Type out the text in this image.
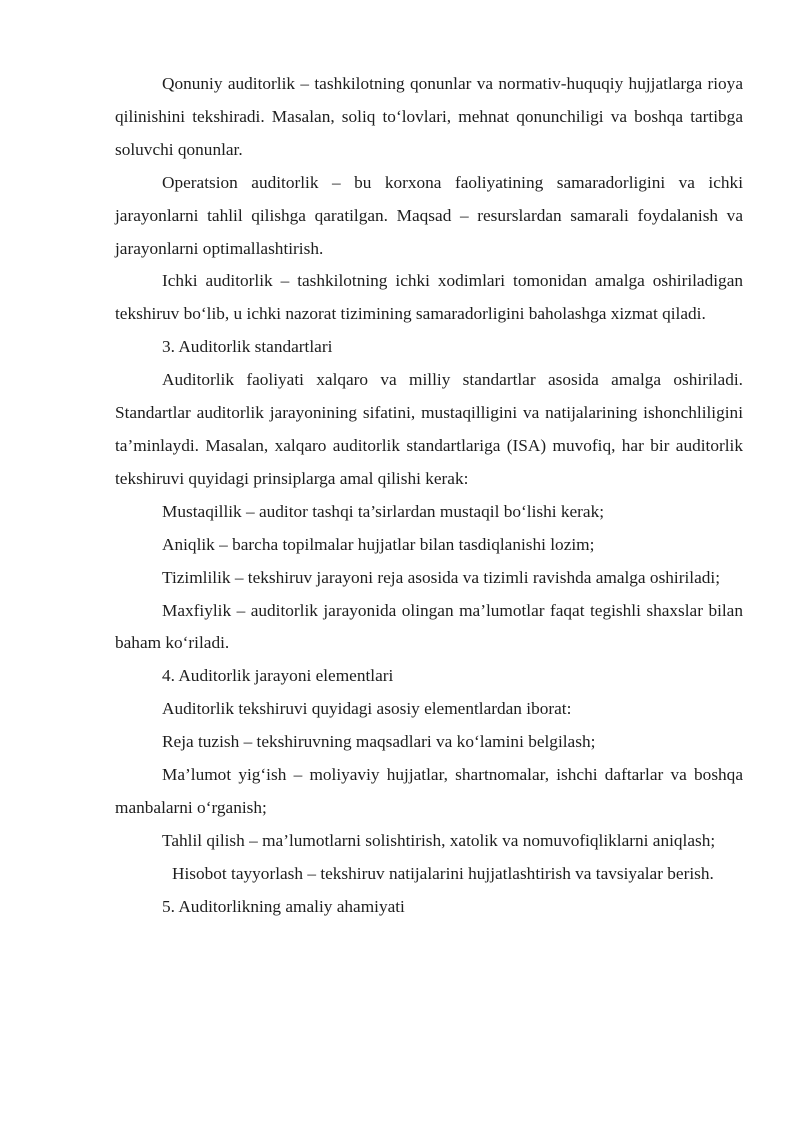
Qonuniy auditorlik – tashkilotning qonunlar va normativ-huquqiy hujjatlarga rioya qilinishini tekshiradi. Masalan, soliq to‘lovlari, mehnat qonunchiligi va boshqa tartibga soluvchi qonunlar.

Operatsion auditorlik – bu korxona faoliyatining samaradorligini va ichki jarayonlarni tahlil qilishga qaratilgan. Maqsad – resurslardan samarali foydalanish va jarayonlarni optimallashtirish.

Ichki auditorlik – tashkilotning ichki xodimlari tomonidan amalga oshiriladigan tekshiruv bo‘lib, u ichki nazorat tizimining samaradorligini baholashga xizmat qiladi.

3. Auditorlik standartlari

Auditorlik faoliyati xalqaro va milliy standartlar asosida amalga oshiriladi. Standartlar auditorlik jarayonining sifatini, mustaqilligini va natijalarining ishonchliligini ta’minlaydi. Masalan, xalqaro auditorlik standartlariga (ISA) muvofiq, har bir auditorlik tekshiruvi quyidagi prinsiplarga amal qilishi kerak:

Mustaqillik – auditor tashqi ta’sirlardan mustaqil bo‘lishi kerak;

Aniqlik – barcha topilmalar hujjatlar bilan tasdiqlanishi lozim;

Tizimlilik – tekshiruv jarayoni reja asosida va tizimli ravishda amalga oshiriladi;

Maxfiylik – auditorlik jarayonida olingan ma’lumotlar faqat tegishli shaxslar bilan baham ko‘riladi.

4. Auditorlik jarayoni elementlari

Auditorlik tekshiruvi quyidagi asosiy elementlardan iborat:

Reja tuzish – tekshiruvning maqsadlari va ko‘lamini belgilash;

Ma’lumot yig‘ish – moliyaviy hujjatlar, shartnomalar, ishchi daftarlar va boshqa manbalarni o‘rganish;

Tahlil qilish – ma’lumotlarni solishtirish, xatolik va nomuvofiqliklarni aniqlash;

Hisobot tayyorlash – tekshiruv natijalarini hujjatlashtirish va tavsiyalar berish.

5. Auditorlikning amaliy ahamiyati
